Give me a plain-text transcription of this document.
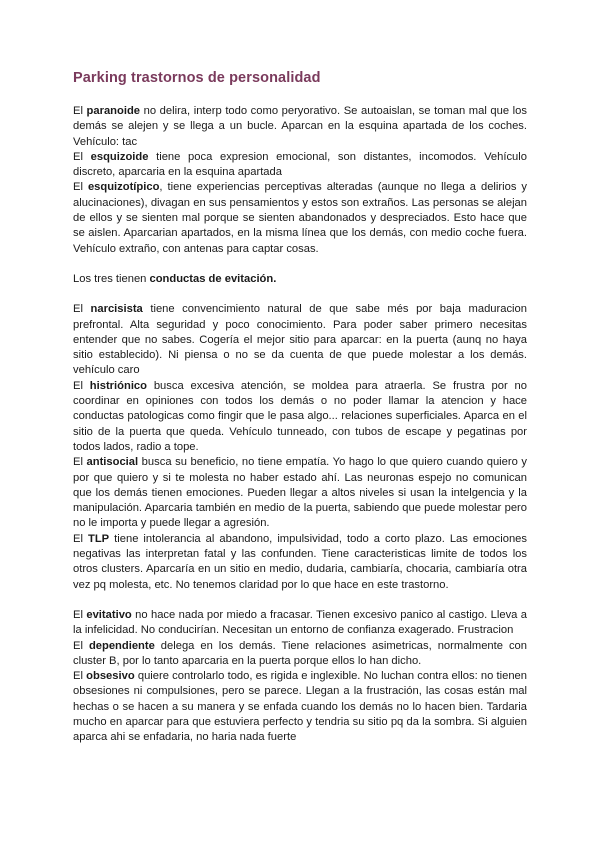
Parking trastornos de personalidad

El paranoide no delira, interp todo como peryorativo. Se autoaislan, se toman mal que los demás se alejen y se llega a un bucle. Aparcan en la esquina apartada de los coches. Vehículo: tac

El esquizoide tiene poca expresion emocional, son distantes, incomodos. Vehículo discreto, aparcaria en la esquina apartada

El esquizotípico, tiene experiencias perceptivas alteradas (aunque no llega a delirios y alucinaciones), divagan en sus pensamientos y estos son extraños. Las personas se alejan de ellos y se sienten mal porque se sienten abandonados y despreciados. Esto hace que se aislen. Aparcarian apartados, en la misma línea que los demás, con medio coche fuera. Vehículo extraño, con antenas para captar cosas.

Los tres tienen conductas de evitación.

El narcisista tiene convencimiento natural de que sabe més por baja maduracion prefrontal. Alta seguridad y poco conocimiento. Para poder saber primero necesitas entender que no sabes. Cogería el mejor sitio para aparcar: en la puerta (aunq no haya sitio establecido). Ni piensa o no se da cuenta de que puede molestar a los demás. vehículo caro

El histriónico busca excesiva atención, se moldea para atraerla. Se frustra por no coordinar en opiniones con todos los demás o no poder llamar la atencion y hace conductas patologicas como fingir que le pasa algo... relaciones superficiales. Aparca en el sitio de la puerta que queda. Vehículo tunneado, con tubos de escape y pegatinas por todos lados, radio a tope.

El antisocial busca su beneficio, no tiene empatía. Yo hago lo que quiero cuando quiero y por que quiero y si te molesta no haber estado ahí. Las neuronas espejo no comunican que los demás tienen emociones. Pueden llegar a altos niveles si usan la intelgencia y la manipulación. Aparcaria también en medio de la puerta, sabiendo que puede molestar pero no le importa y puede llegar a agresión.

El TLP tiene intolerancia al abandono, impulsividad, todo a corto plazo. Las emociones negativas las interpretan fatal y las confunden. Tiene caracteristicas limite de todos los otros clusters. Aparcaría en un sitio en medio, dudaria, cambiaría, chocaria, cambiaría otra vez pq molesta, etc. No tenemos claridad por lo que hace en este trastorno.

El evitativo no hace nada por miedo a fracasar. Tienen excesivo panico al castigo. Lleva a la infelicidad. No conducirían. Necesitan un entorno de confianza exagerado. Frustracion

El dependiente delega en los demás. Tiene relaciones asimetricas, normalmente con cluster B, por lo tanto aparcaria en la puerta porque ellos lo han dicho.

El obsesivo quiere controlarlo todo, es rigida e inglexible. No luchan contra ellos: no tienen obsesiones ni compulsiones, pero se parece. Llegan a la frustración, las cosas están mal hechas o se hacen a su manera y se enfada cuando los demás no lo hacen bien. Tardaria mucho en aparcar para que estuviera perfecto y tendria su sitio pq da la sombra. Si alguien aparca ahi se enfadaria, no haria nada fuerte
